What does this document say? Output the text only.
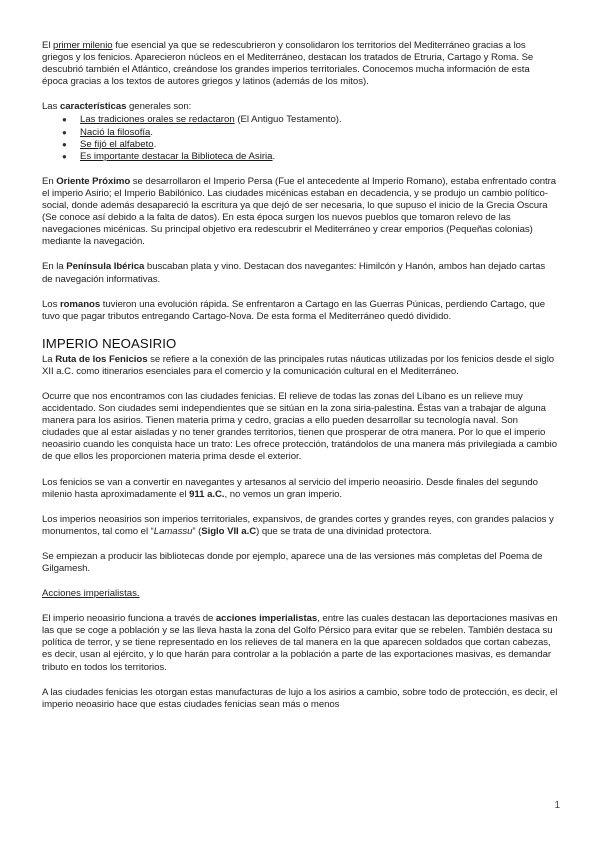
El primer milenio fue esencial ya que se redescubrieron y consolidaron los territorios del Mediterráneo gracias a los griegos y los fenicios. Aparecieron núcleos en el Mediterráneo, destacan los tratados de Etruria, Cartago y Roma. Se descubrió también el Atlántico, creándose los grandes imperios territoriales. Conocemos mucha información de esta época gracias a los textos de autores griegos y latinos (además de los mitos).

Las características generales son:

● Las tradiciones orales se redactaron (El Antiguo Testamento).
● Nació la filosofía.
● Se fijó el alfabeto.
● Es importante destacar la Biblioteca de Asiria.

En Oriente Próximo se desarrollaron el Imperio Persa (Fue el antecedente al Imperio Romano), estaba enfrentado contra el imperio Asirio; el Imperio Babilónico. Las ciudades micénicas estaban en decadencia, y se produjo un cambio político-social, donde además desapareció la escritura ya que dejó de ser necesaria, lo que supuso el inicio de la Grecia Oscura (Se conoce así debido a la falta de datos). En esta época surgen los nuevos pueblos que tomaron relevo de las navegaciones micénicas. Su principal objetivo era redescubrir el Mediterráneo y crear emporios (Pequeñas colonias) mediante la navegación.

En la Península Ibérica buscaban plata y vino. Destacan dos navegantes: Himilcón y Hanón, ambos han dejado cartas de navegación informativas.

Los romanos tuvieron una evolución rápida. Se enfrentaron a Cartago en las Guerras Púnicas, perdiendo Cartago, que tuvo que pagar tributos entregando Cartago-Nova. De esta forma el Mediterráneo quedó dividido.

IMPERIO NEOASIRIO

La Ruta de los Fenicios se refiere a la conexión de las principales rutas náuticas utilizadas por los fenicios desde el siglo XII a.C. como itinerarios esenciales para el comercio y la comunicación cultural en el Mediterráneo.

Ocurre que nos encontramos con las ciudades fenicias. El relieve de todas las zonas del Líbano es un relieve muy accidentado. Son ciudades semi independientes que se sitúan en la zona siria-palestina. Éstas van a trabajar de alguna manera para los asirios. Tienen materia prima y cedro, gracias a ello pueden desarrollar su tecnología naval. Son ciudades que al estar aisladas y no tener grandes territorios, tienen que prosperar de otra manera. Por lo que el imperio neoasirio cuando les conquista hace un trato: Les ofrece protección, tratándolos de una manera más privilegiada a cambio de que ellos les proporcionen materia prima desde el exterior.

Los fenicios se van a convertir en navegantes y artesanos al servicio del imperio neoasirio. Desde finales del segundo milenio hasta aproximadamente el 911 a.C., no vemos un gran imperio.

Los imperios neoasirios son imperios territoriales, expansivos, de grandes cortes y grandes reyes, con grandes palacios y monumentos, tal como el “Lamassu” (Siglo VII a.C) que se trata de una divinidad protectora.

Se empiezan a producir las bibliotecas donde por ejemplo, aparece una de las versiones más completas del Poema de Gilgamesh.

Acciones imperialistas.

El imperio neoasirio funciona a través de acciones imperialistas, entre las cuales destacan las deportaciones masivas en las que se coge a población y se las lleva hasta la zona del Golfo Pérsico para evitar que se rebelen. También destaca su política de terror, y se tiene representado en los relieves de tal manera en la que aparecen soldados que cortan cabezas, es decir, usan al ejército, y lo que harán para controlar a la población a parte de las exportaciones masivas, es demandar tributo en todos los territorios.

A las ciudades fenicias les otorgan estas manufacturas de lujo a los asirios a cambio, sobre todo de protección, es decir, el imperio neoasirio hace que estas ciudades fenicias sean más o menos

1
